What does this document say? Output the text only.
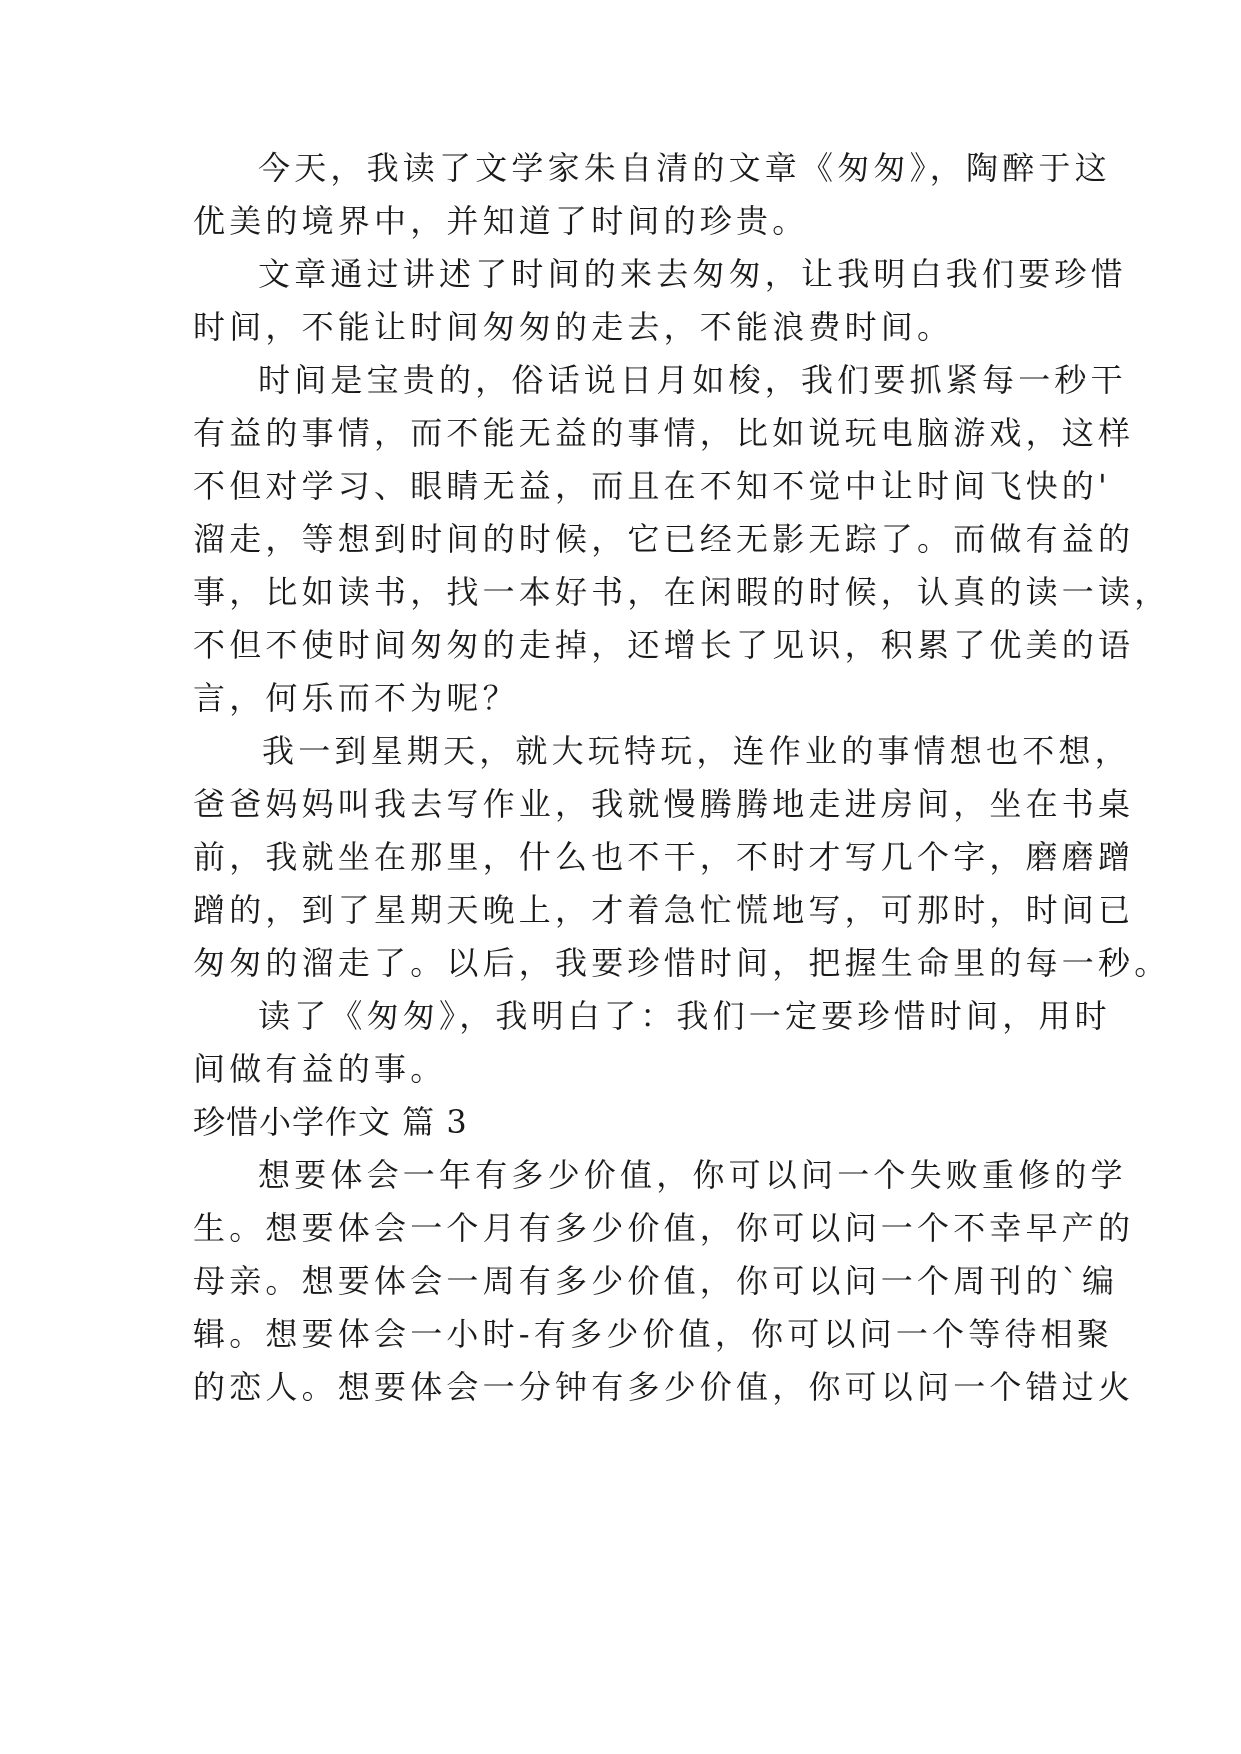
今天，我读了文学家朱自清的文章《匆匆》，陶醉于这
优美的境界中，并知道了时间的珍贵。
文章通过讲述了时间的来去匆匆，让我明白我们要珍惜
时间，不能让时间匆匆的走去，不能浪费时间。
时间是宝贵的，俗话说日月如梭，我们要抓紧每一秒干
有益的事情，而不能无益的事情，比如说玩电脑游戏，这样
不但对学习、眼睛无益，而且在不知不觉中让时间飞快的'
溜走，等想到时间的时候，它已经无影无踪了。而做有益的
事，比如读书，找一本好书，在闲暇的时候，认真的读一读，
不但不使时间匆匆的走掉，还增长了见识，积累了优美的语
言，何乐而不为呢？
我一到星期天，就大玩特玩，连作业的事情想也不想，
爸爸妈妈叫我去写作业，我就慢腾腾地走进房间，坐在书桌
前，我就坐在那里，什么也不干，不时才写几个字，磨磨蹭
蹭的，到了星期天晚上，才着急忙慌地写，可那时，时间已
匆匆的溜走了。以后，我要珍惜时间，把握生命里的每一秒。
读了《匆匆》，我明白了：我们一定要珍惜时间，用时
间做有益的事。
珍惜小学作文 篇 3
想要体会一年有多少价值，你可以问一个失败重修的学
生。想要体会一个月有多少价值，你可以问一个不幸早产的
母亲。想要体会一周有多少价值，你可以问一个周刊的`编
辑。想要体会一小时-有多少价值，你可以问一个等待相聚
的恋人。想要体会一分钟有多少价值，你可以问一个错过火
